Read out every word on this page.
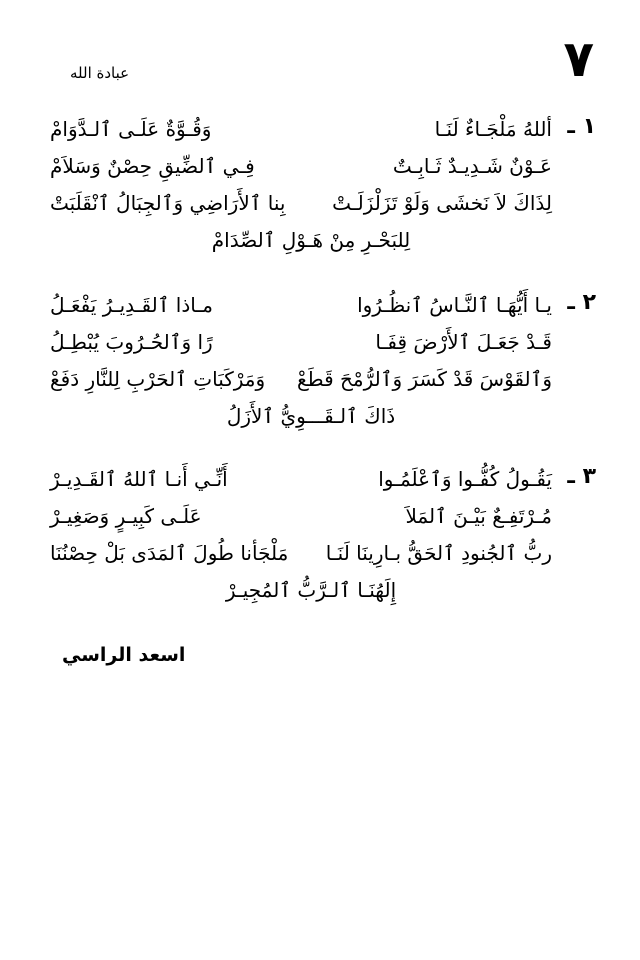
٧
عبادة الله
١ ـ
أللهُ مَلْجَـاءٌ لَنَـا
وَقُـوَّةٌ عَلَـى ٱلـدَّوَامْ
عَـوْنٌ شَـدِيـدٌ ثَـابِـتٌ
فِـي ٱلضِّيقِ حِصْنٌ وَسَلاَمْ
لِذَاكَ لاَ نَخشَى وَلَوْ تَزَلْزَلَـتْ
بِنا ٱلأَرَاضِي وَٱلجِبَالُ ٱنْقَلَبَتْ
لِلبَحْـرِ مِنْ هَـوْلِ ٱلصِّدَامْ
٢ ـ
يـا أَيُّهَـا ٱلنَّـاسُ ٱنظُـرُوا
مـاذا ٱلقَـدِيـرُ يَفْعَـلُ
قَـدْ جَعَـلَ ٱلأَرْضَ قِفَـا
رًا وَٱلحُـرُوبَ يُبْطِـلُ
وَٱلقَوْسَ قَدْ كَسَرَ وَٱلرُّمْحَ قَطَعْ
وَمَرْكَبَاتِ ٱلحَرْبِ لِلنَّارِ دَفَعْ
ذَاكَ ٱلـقَـــوِيُّ ٱلأَزَلُ
٣ ـ
يَقُـولُ كُفُّـوا وَٱعْلَمُـوا
أَنِّـي أَنـا ٱللهُ ٱلقَـدِيـرْ
مُـرْتَفِـعٌ بَيْـنَ ٱلمَلاَ
عَلَـى كَبِيـرٍ وَصَغِيـرْ
ربُّ ٱلجُنودِ ٱلحَقُّ بـارِينَا لَنَـا
مَلْجَأنا طُولَ ٱلمَدَى بَلْ حِصْنُنَا
إِلَهُنَـا ٱلـرَّبُّ ٱلمُجِيـرْ
اسعد الراسي
